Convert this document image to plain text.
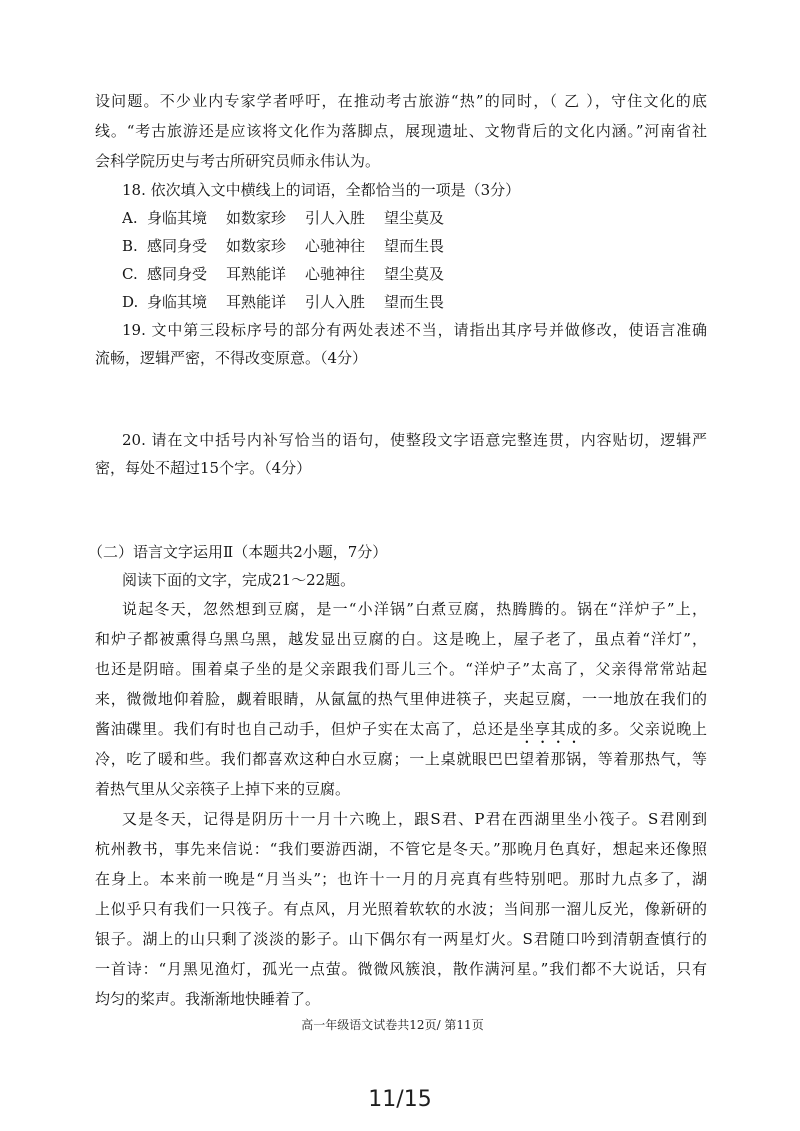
设问题。不少业内专家学者呼吁，在推动考古旅游“热”的同时，（ 乙 ），守住文化的底
线。“考古旅游还是应该将文化作为落脚点，展现遗址、文物背后的文化内涵。”河南省社
会科学院历史与考古所研究员师永伟认为。
18. 依次填入文中横线上的词语，全都恰当的一项是（3分）
A. 身临其境 如数家珍 引人入胜 望尘莫及
B. 感同身受 如数家珍 心驰神往 望而生畏
C. 感同身受 耳熟能详 心驰神往 望尘莫及
D. 身临其境 耳熟能详 引人入胜 望而生畏
19. 文中第三段标序号的部分有两处表述不当，请指出其序号并做修改，使语言准确
流畅，逻辑严密，不得改变原意。（4分）
20. 请在文中括号内补写恰当的语句，使整段文字语意完整连贯，内容贴切，逻辑严
密，每处不超过15个字。（4分）
（二）语言文字运用Ⅱ（本题共2小题，7分）
阅读下面的文字，完成21～22题。
说起冬天，忽然想到豆腐，是一“小洋锅”白煮豆腐，热腾腾的。锅在“洋炉子”上，
和炉子都被熏得乌黑乌黑，越发显出豆腐的白。这是晚上，屋子老了，虽点着“洋灯”，
也还是阴暗。围着桌子坐的是父亲跟我们哥儿三个。“洋炉子”太高了，父亲得常常站起
来，微微地仰着脸，觑着眼睛，从氤氲的热气里伸进筷子，夹起豆腐，一一地放在我们的
酱油碟里。我们有时也自己动手，但炉子实在太高了，总还是坐享其成的多。父亲说晚上
冷，吃了暖和些。我们都喜欢这种白水豆腐；一上桌就眼巴巴望着那锅，等着那热气，等
着热气里从父亲筷子上掉下来的豆腐。
又是冬天，记得是阴历十一月十六晚上，跟S君、P君在西湖里坐小筏子。S君刚到
杭州教书，事先来信说：“我们要游西湖，不管它是冬天。”那晚月色真好，想起来还像照
在身上。本来前一晚是“月当头”；也许十一月的月亮真有些特别吧。那时九点多了，湖
上似乎只有我们一只筏子。有点风，月光照着软软的水波；当间那一溜儿反光，像新研的
银子。湖上的山只剩了淡淡的影子。山下偶尔有一两星灯火。S君随口吟到清朝查慎行的
一首诗：“月黑见渔灯，孤光一点萤。微微风簇浪，散作满河星。”我们都不大说话，只有
均匀的桨声。我渐渐地快睡着了。
高一年级语文试卷共12页/ 第11页
11/15
